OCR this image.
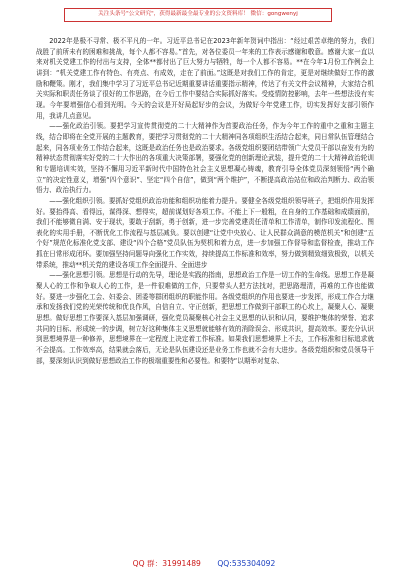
关注头条号"公文研究"，获得最新最全最专业的公文资料库！ 微信：gongwenyj

2022年是极不寻常、极不平凡的一年。习近平总书记在2023年新年贺词中指出：“经过艰苦卓绝的努力，我们战胜了前所未有的困难和挑战，每个人都不容易。”首先，对各位委员一年来的工作表示感谢和敬意。感谢大家一直以来对机关党建工作的付出与支持，全体**都付出了巨大努力与牺牲，每一个人都不容易。**在今年1月份工作例会上讲到：“机关党建工作有特色、有亮点、有成效，走在了前面。”这既是对我们工作的肯定，更是对继续做好工作的激励和鞭策。刚才，我们集中学习了习近平总书记近期重要讲话重要指示精神，传达了有关文件会议精神，大家结合机关实际和职责任务谈了很好的工作思路，在今后工作中要结合实际抓好落实。受疫情防控影响，去年一些想法没有实现。今年要增强信心看到光明。今天的会议是开好局起好步的会议，为做好今年党建工作，切实发挥好支部引领作用，我讲几点意见。

——强化政治引领。要把学习宣传贯彻党的二十大精神作为首要政治任务，作为今年工作的重中之重和主题主线，结合即将在全党开展的主题教育，要把学习贯彻党的二十大精神同各项组织生活结合起来，同日常队伍管理结合起来，同各项业务工作结合起来，这既是政治任务也是政治要求。各级党组织要团结带领广大党员干部以奋发有为的精神状态贯彻落实好党的二十大作出的各项重大决策部署，要强化党的创新理论武装，提升党的二十大精神政治轮训和专题培训实效，坚持不懈用习近平新时代中国特色社会主义思想凝心铸魂，教育引导全体党员深刻领悟“两个确立”的决定性意义，增强“四个意识”、坚定“四个自信”，做到“两个维护”，不断提高政治站位和政治判断力、政治领悟力、政治执行力。

——强化组织引领。要抓好党组织政治功能和组织功能着力提升。要健全各级党组织领导班子，把组织作用发挥好。要抬得高、看得远，谋得深、想得实，超前谋划好各项工作。不能上下一般粗，在自身的工作基础和成绩面前，我们不能够微自满、安于现状，要敢于刮新，勇于创新，进一步完善党建责任清单和工作清单，制作印发流程化、图表化的实用手册，不断优化工作流程与基层减负。要以创建“让党中央放心、让人民群众满意的模范机关”和创建“五个好”规范化标准化党支部、建设“四个合格”党员队伍为契机和着力点，进一步加强工作督导和监督检查，推动工作抓在日常形成闭环。要加强坚持问题导向强化工作实效，持续提高工作标准和效率，努力做到精致细致极致，以机关带系统，推动**机关党的建设各项工作全面提升、全面进步

——强化思想引领。思想是行动的先导，理论是实践的指南，思想政治工作是一切工作的生命线。思想工作是凝聚人心的工作和争取人心的工作，是一件很难做的工作，只要带头人把方法找对，把思路理清，再难的工作也能做好。要进一步强化工会、妇委会、团委等群团组织的职能作用。各级党组织的作用也要进一步发挥，形成工作合力继承和发扬我们党的光荣传统和优良作风，自信自立、守正创新，把思想工作做到干部职工的心坎上，凝聚人心、凝聚思想。做好思想工作要深入基层加强调研，强化党员凝聚核心社会主义思想的认识和认同，要维护集体的荣誉、追求共同的目标、形成统一的步调，树立好这种集体主义思想就能够有效的消除误会、形成共识，提高效率。要充分认识到思想境界是一种修养，思想境界在一定程度上决定着工作标准。如果我们思想境界上不去，工作标准和目标追求就不会提高。工作效率高，结果就会落后，无论是队伍建设还是业务工作也就不会有大进步。各级党组织和党员领导干部，要深刻认识到做好思想政治工作的极端重要性和必要性。和要特“以期举对复杂、

QQ 群：31991489 QQ:535304092
